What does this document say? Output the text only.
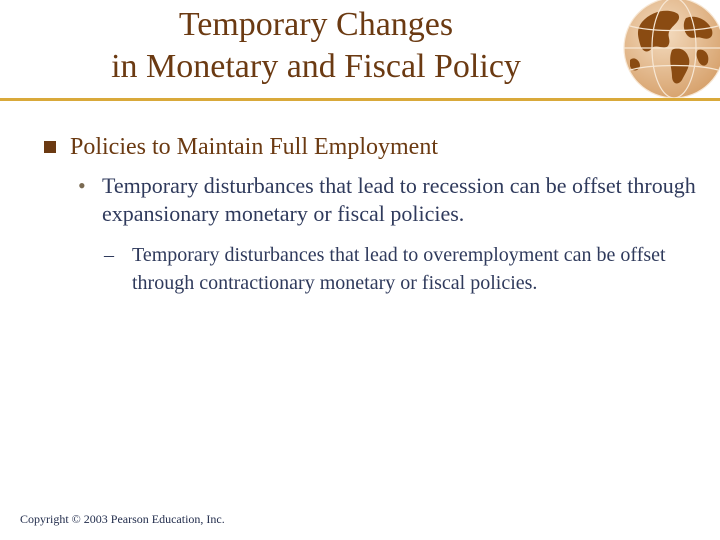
Temporary Changes
in Monetary and Fiscal Policy
Policies to Maintain Full Employment
• Temporary disturbances that lead to recession can be offset through expansionary monetary or fiscal policies.
– Temporary disturbances that lead to overemployment can be offset through contractionary monetary or fiscal policies.
Copyright © 2003 Pearson Education, Inc.
